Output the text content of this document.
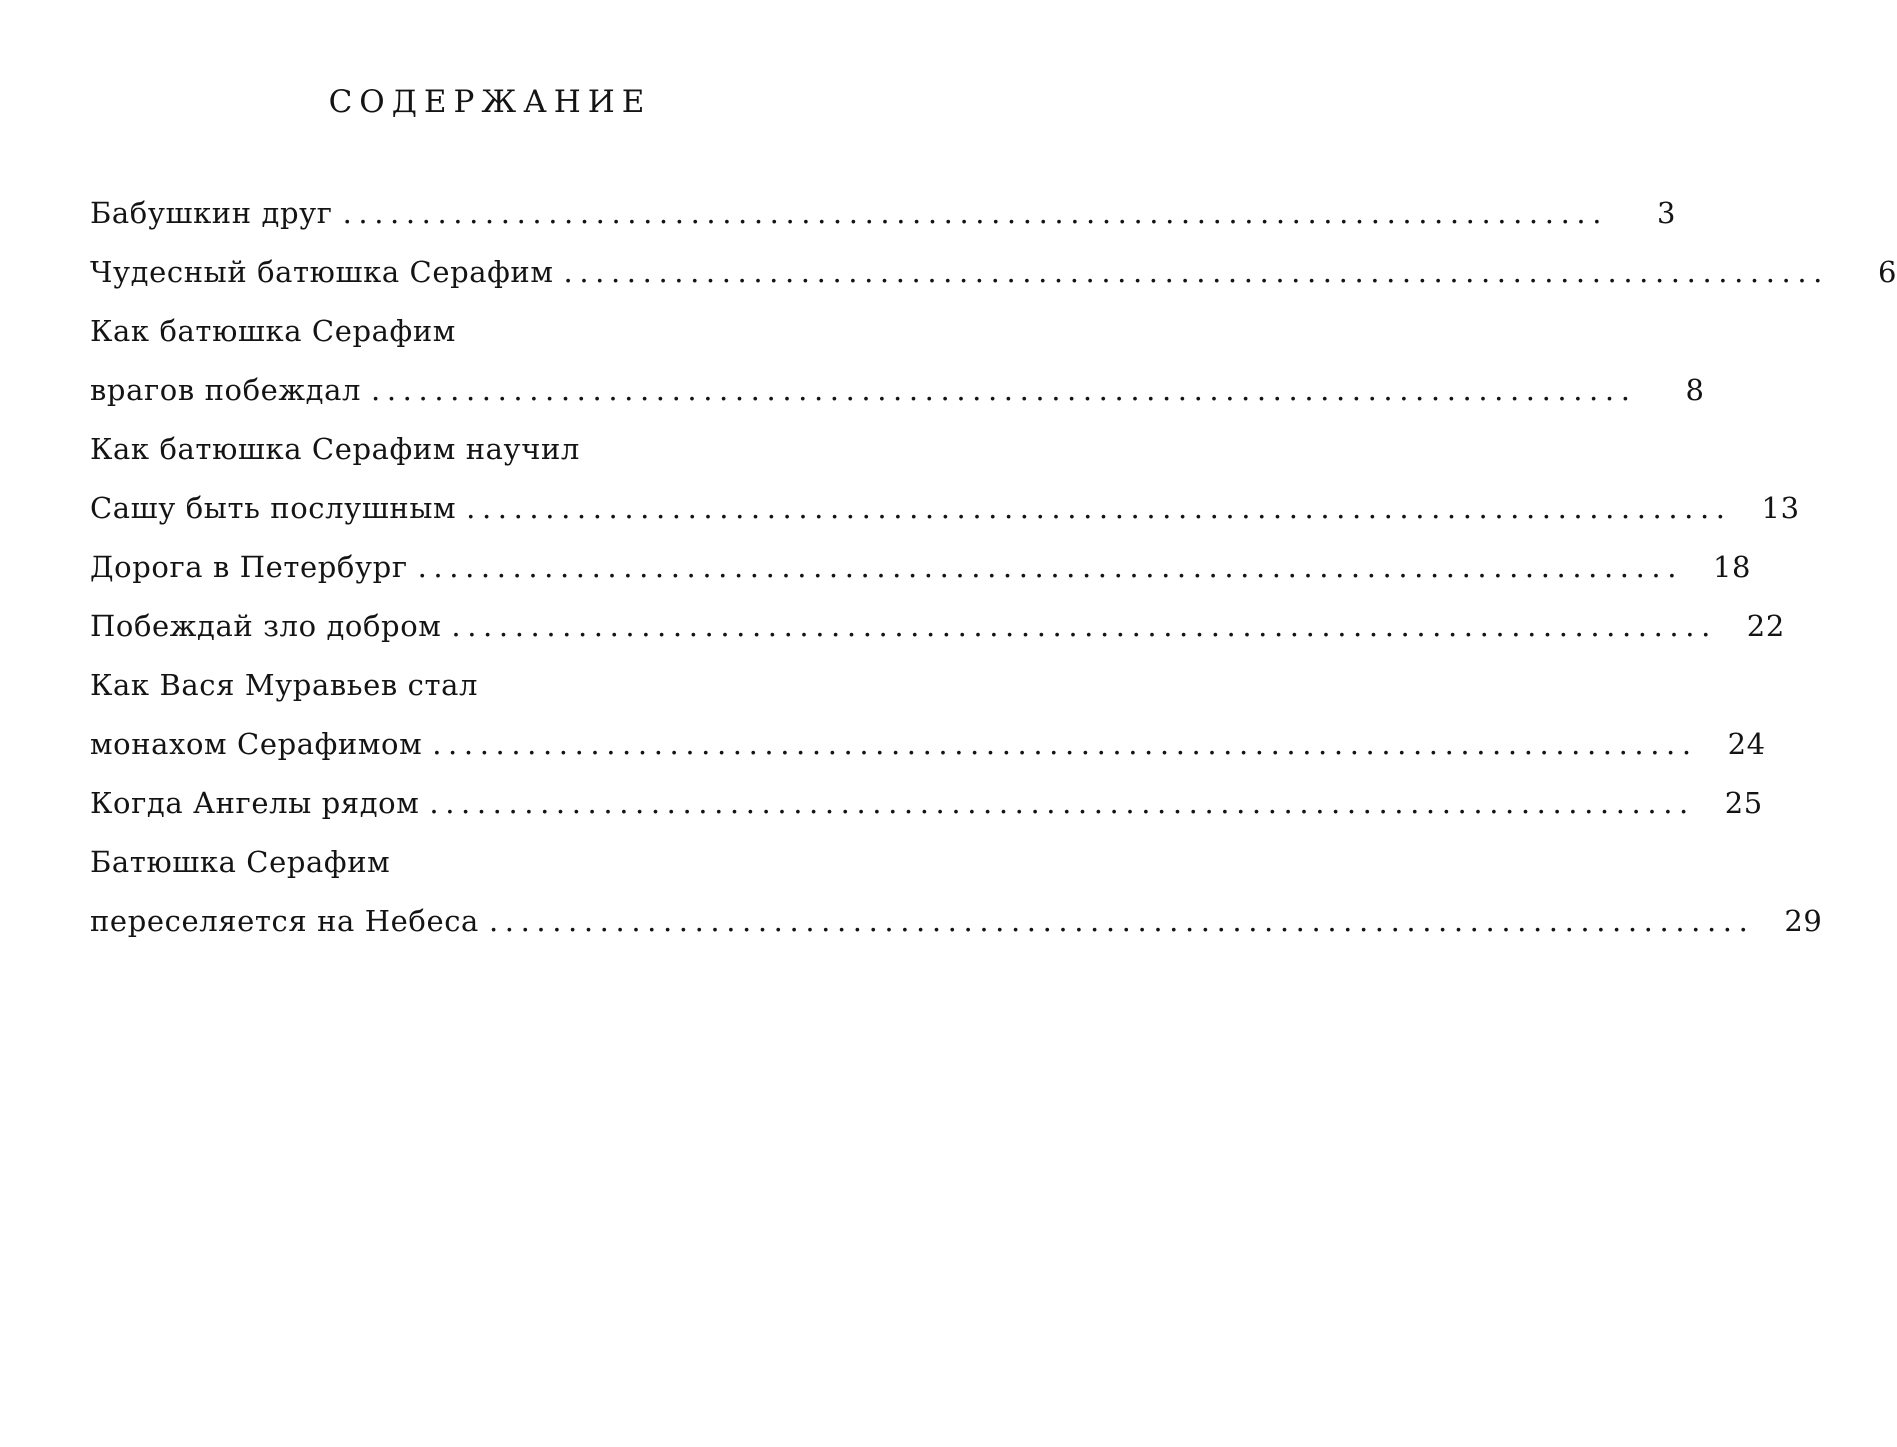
СОДЕРЖАНИЕ
Бабушкин друг ................................................................................	3
Чудесный батюшка Серафим ................................................................................	6
Как батюшка Серафим
врагов побеждал ................................................................................	8
Как батюшка Серафим научил
Сашу быть послушным ................................................................................	13
Дорога в Петербург ................................................................................	18
Побеждай зло добром ................................................................................	22
Как Вася Муравьев стал
монахом Серафимом ................................................................................	24
Когда Ангелы рядом ................................................................................	25
Батюшка Серафим
переселяется на Небеса ................................................................................	29
